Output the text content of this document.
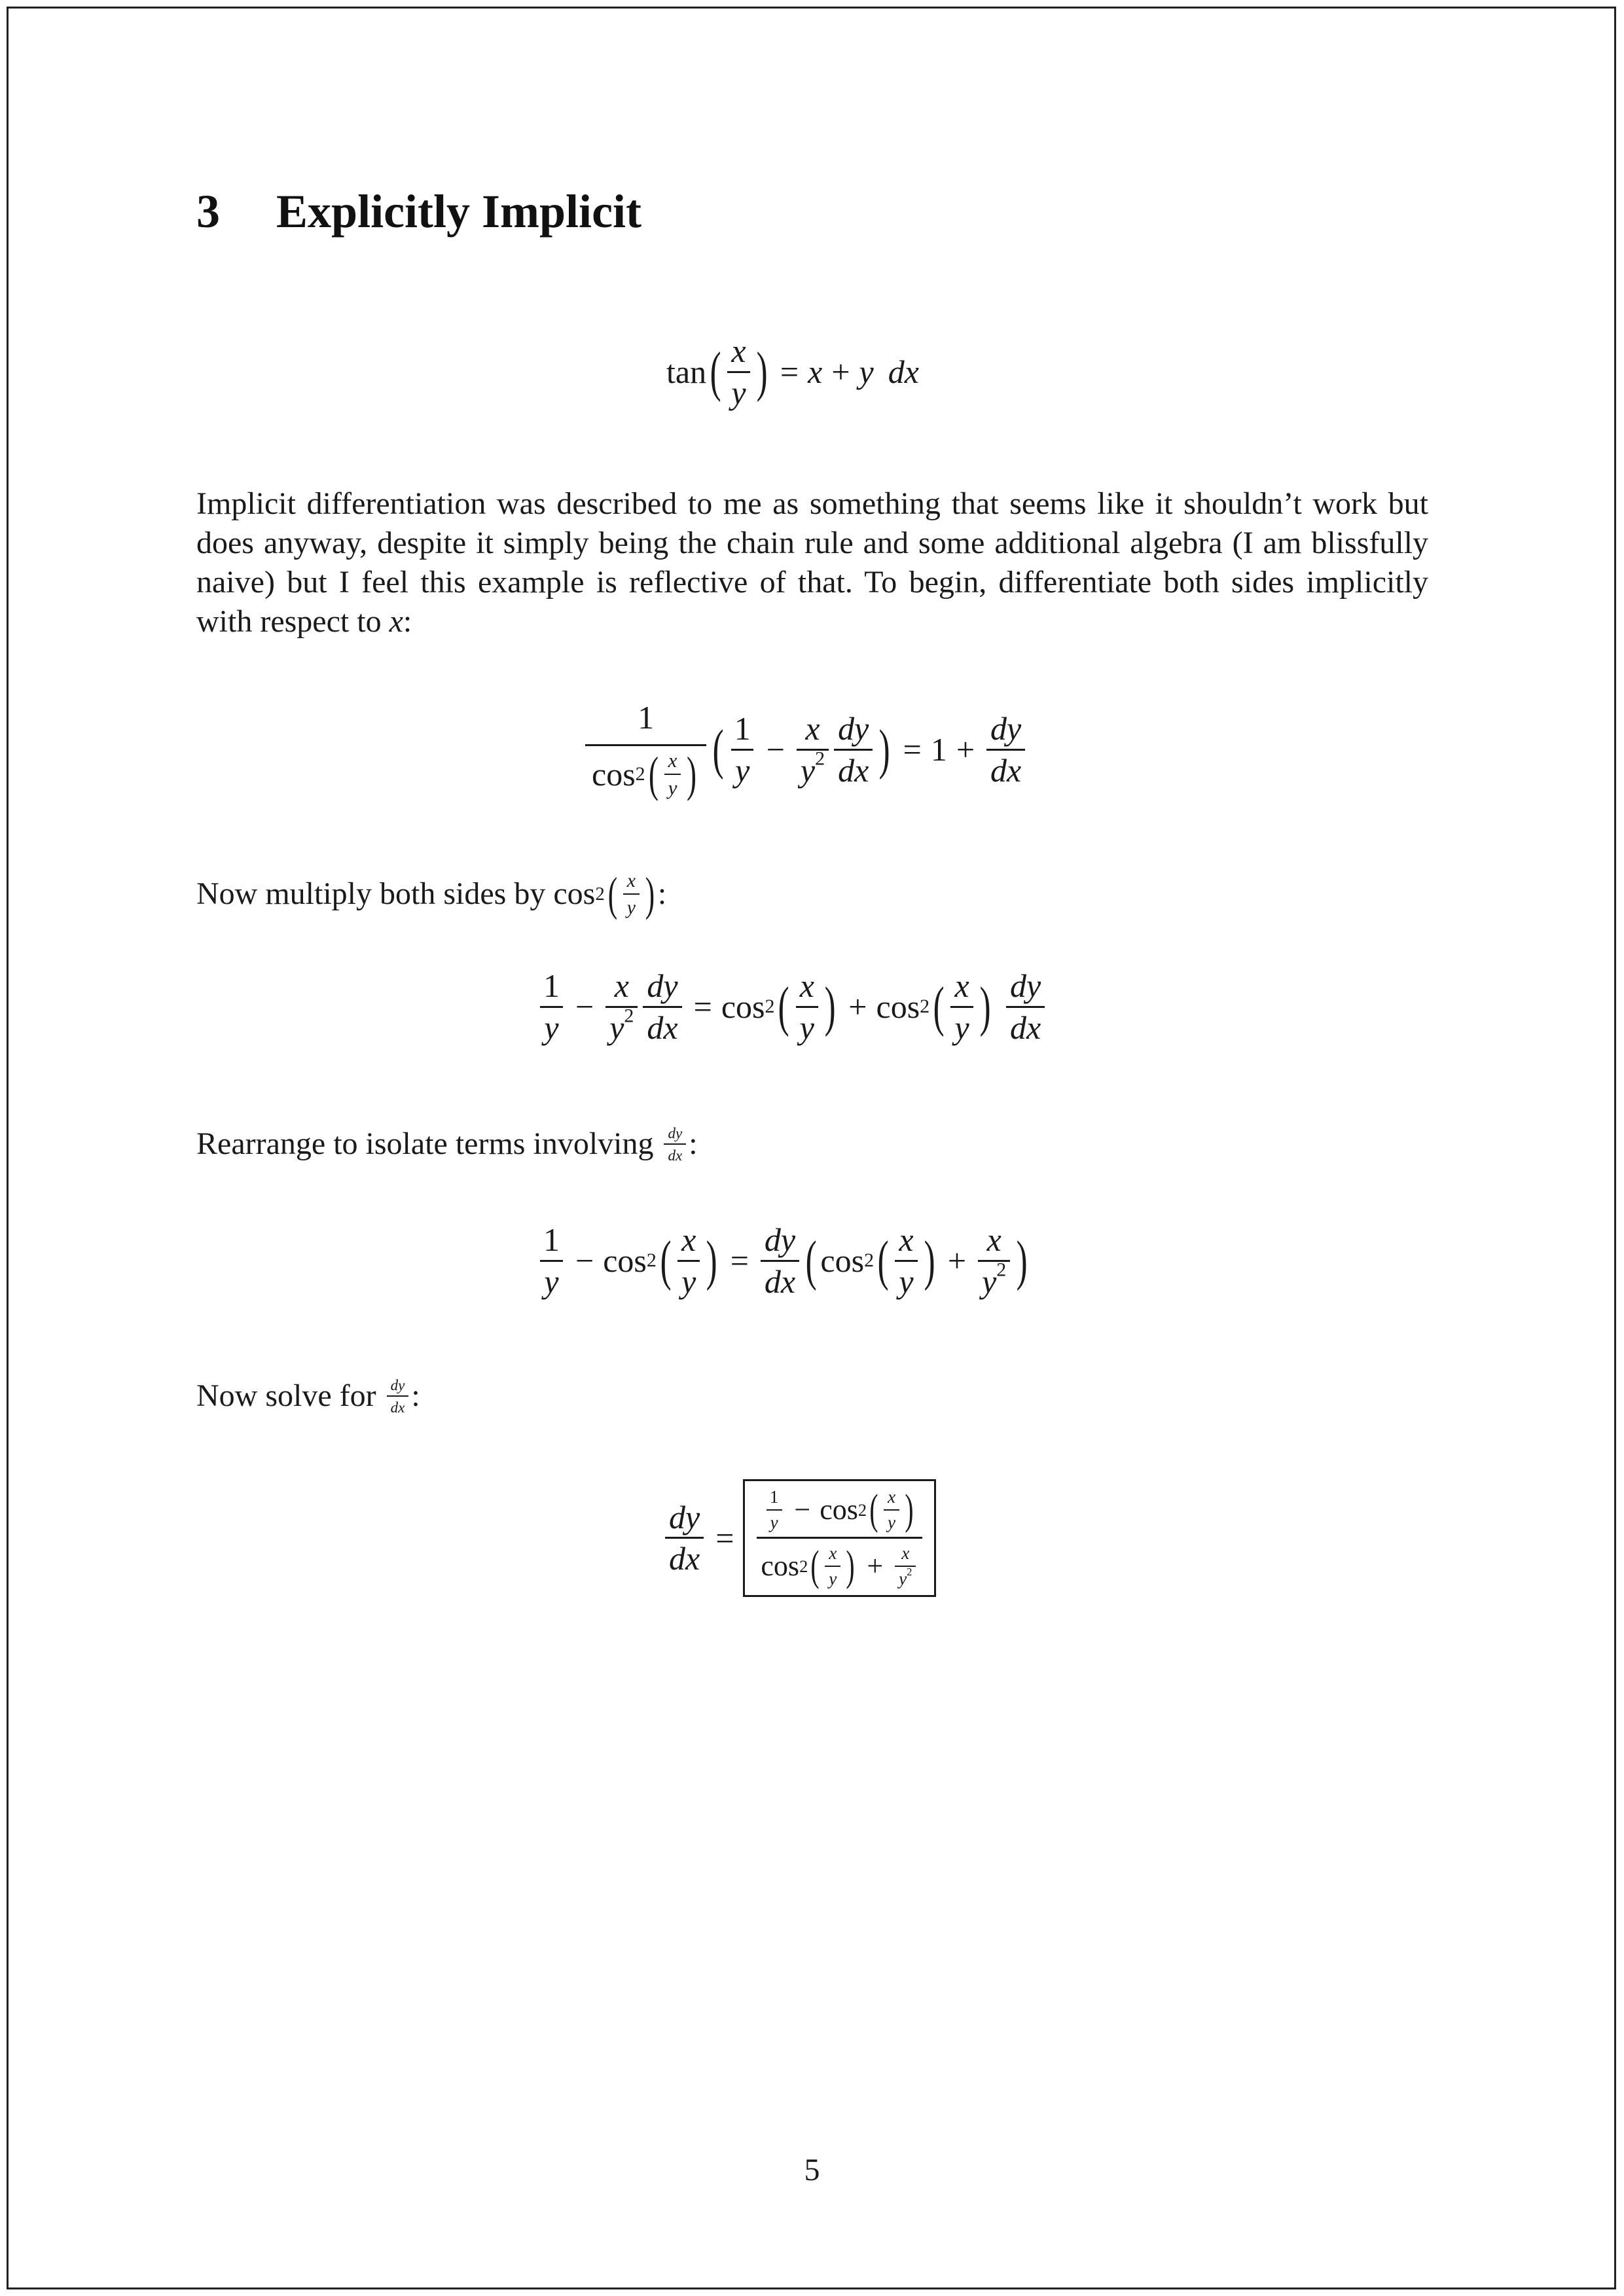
3 Explicitly Implicit
tan ( $\frac{x}{y}$ ) = x + y dx
Implicit differentiation was described to me as something that seems like it shouldn’t work but does anyway, despite it simply being the chain rule and some additional algebra (I am blissfully naive) but I feel this example is reflective of that. To begin, differentiate both sides implicitly with respect to x:
$\frac{1}{\cos 2 ( \frac{x}{y} )}$ ( $\frac{1}{y} - \frac{x}{y^2} \frac{dy}{dx}$ ) = $1 + \frac{dy}{dx}$
Now multiply both sides by cos 2 ( $\frac{x}{y}$ ) :
$\frac{1}{y} - \frac{x}{y^2} \frac{dy}{dx} = \cos 2$ ( $\frac{x}{y}$ ) + cos 2 ( $\frac{x}{y}$ ) $\frac{dy}{dx}$
Rearrange to isolate terms involving $\frac{dy}{dx}$ :
$\frac{1}{y} - \cos 2$ ( $\frac{x}{y}$ ) = $\frac{dy}{dx}$ ( cos 2 ( $\frac{x}{y}$ ) + $\frac{x}{y^2}$ )
Now solve for $\frac{dy}{dx}$ :
$\frac{dy}{dx}$ =
$\frac{1}{y} - \cos 2$ ( $\frac{x}{y}$ )
cos 2 ( $\frac{x}{y}$ ) + $\frac{x}{y^2}$
5
